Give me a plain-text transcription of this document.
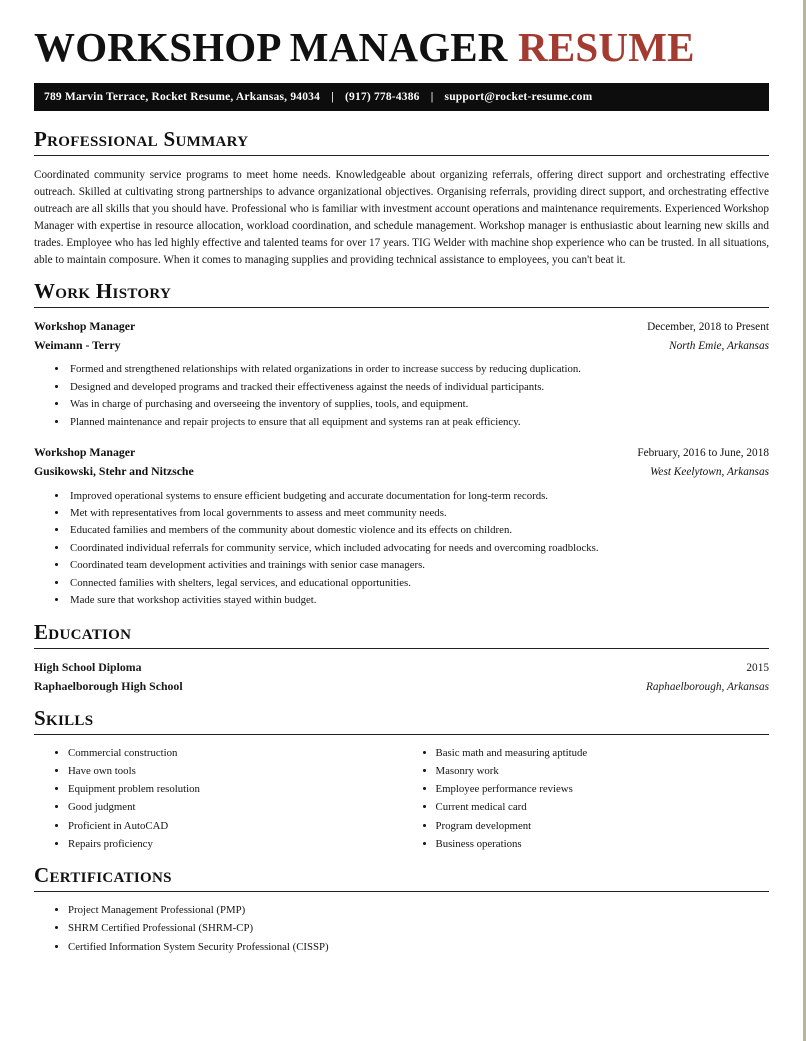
WORKSHOP MANAGER RESUME
789 Marvin Terrace, Rocket Resume, Arkansas, 94034 | (917) 778-4386 | support@rocket-resume.com
Professional Summary

Coordinated community service programs to meet home needs. Knowledgeable about organizing referrals, offering direct support and orchestrating effective outreach. Skilled at cultivating strong partnerships to advance organizational objectives. Organising referrals, providing direct support, and orchestrating effective outreach are all skills that you should have. Professional who is familiar with investment account operations and maintenance requirements. Experienced Workshop Manager with expertise in resource allocation, workload coordination, and schedule management. Workshop manager is enthusiastic about learning new skills and trades. Employee who has led highly effective and talented teams for over 17 years. TIG Welder with machine shop experience who can be trusted. In all situations, able to maintain composure. When it comes to managing supplies and providing technical assistance to employees, you can't beat it.

Work History
Workshop Manager	December, 2018 to Present
Weimann - Terry	North Emie, Arkansas
• Formed and strengthened relationships with related organizations in order to increase success by reducing duplication.
• Designed and developed programs and tracked their effectiveness against the needs of individual participants.
• Was in charge of purchasing and overseeing the inventory of supplies, tools, and equipment.
• Planned maintenance and repair projects to ensure that all equipment and systems ran at peak efficiency.
Workshop Manager	February, 2016 to June, 2018
Gusikowski, Stehr and Nitzsche	West Keelytown, Arkansas
• Improved operational systems to ensure efficient budgeting and accurate documentation for long-term records.
• Met with representatives from local governments to assess and meet community needs.
• Educated families and members of the community about domestic violence and its effects on children.
• Coordinated individual referrals for community service, which included advocating for needs and overcoming roadblocks.
• Coordinated team development activities and trainings with senior case managers.
• Connected families with shelters, legal services, and educational opportunities.
• Made sure that workshop activities stayed within budget.
Education
High School Diploma	2015
Raphaelborough High School	Raphaelborough, Arkansas
Skills
• Commercial construction
• Have own tools
• Equipment problem resolution
• Good judgment
• Proficient in AutoCAD
• Repairs proficiency
• Basic math and measuring aptitude
• Masonry work
• Employee performance reviews
• Current medical card
• Program development
• Business operations
Certifications
• Project Management Professional (PMP)
• SHRM Certified Professional (SHRM-CP)
• Certified Information System Security Professional (CISSP)
